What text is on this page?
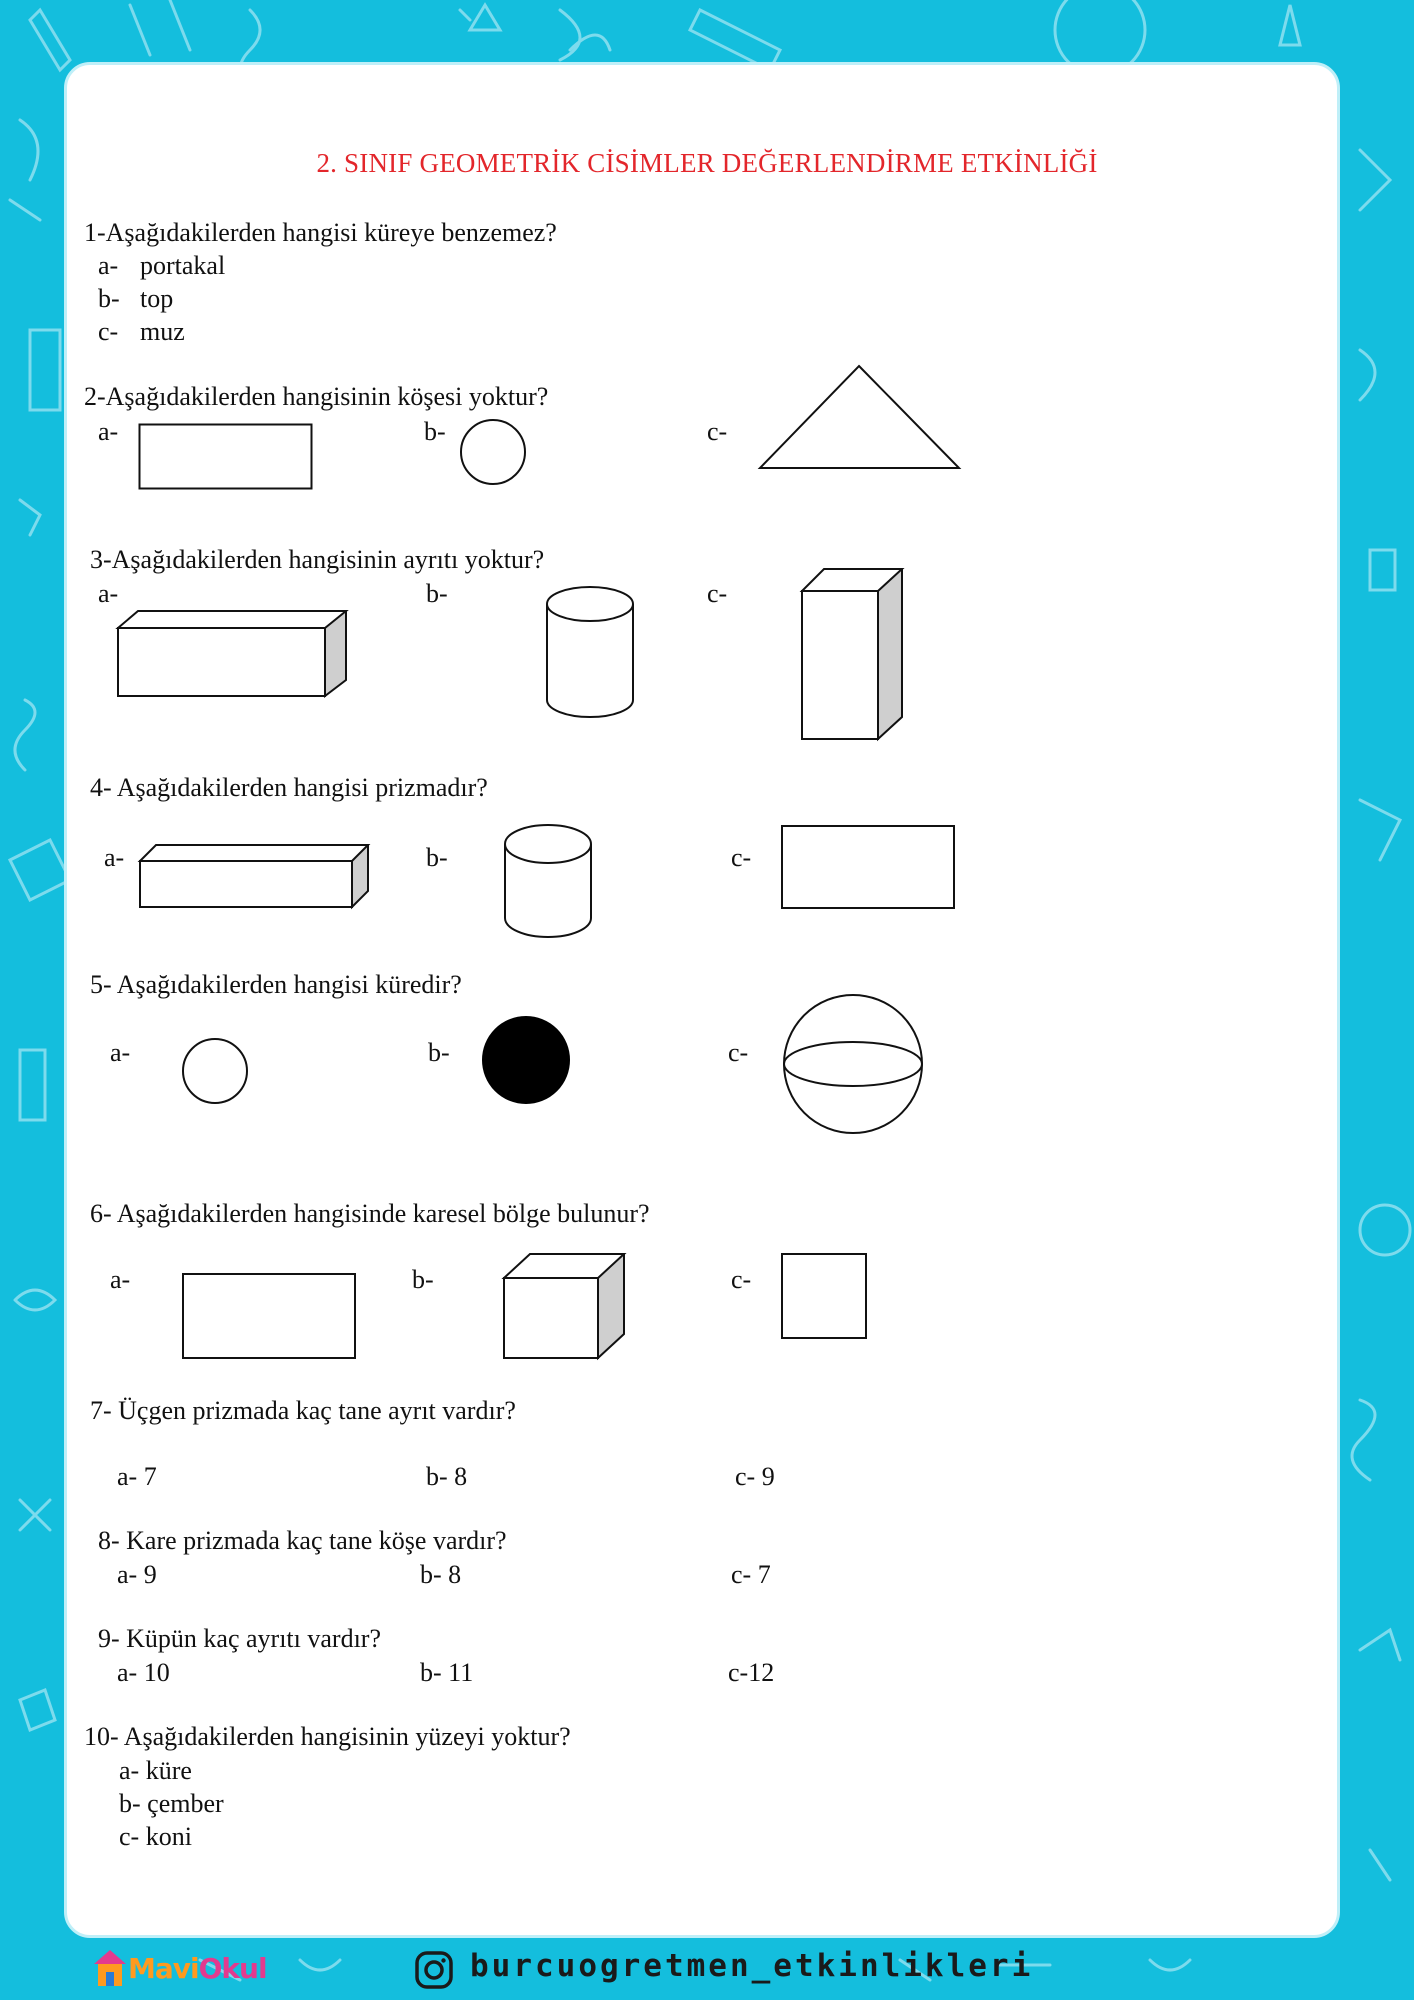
2. SINIF GEOMETRİK CİSİMLER DEĞERLENDİRME ETKİNLİĞİ
1-Aşağıdakilerden hangisi küreye benzemez?
a- portakal
b- top
c- muz
2-Aşağıdakilerden hangisinin köşesi yoktur?
a-	b-	c-
3-Aşağıdakilerden hangisinin ayrıtı yoktur?
a-	b-	c-
4- Aşağıdakilerden hangisi prizmadır?
a-	b-	c-
5- Aşağıdakilerden hangisi küredir?
a-	b-	c-
6- Aşağıdakilerden hangisinde karesel bölge bulunur?
a-	b-	c-
7- Üçgen prizmada kaç tane ayrıt vardır?
a- 7	b- 8	c- 9
8- Kare prizmada kaç tane köşe vardır?
a- 9	b- 8	c- 7
9- Küpün kaç ayrıtı vardır?
a- 10	b- 11	c-12
10- Aşağıdakilerden hangisinin yüzeyi yoktur?
a- küre
b- çember
c- koni
MaviOkul	burcuogretmen_etkinlikleri
